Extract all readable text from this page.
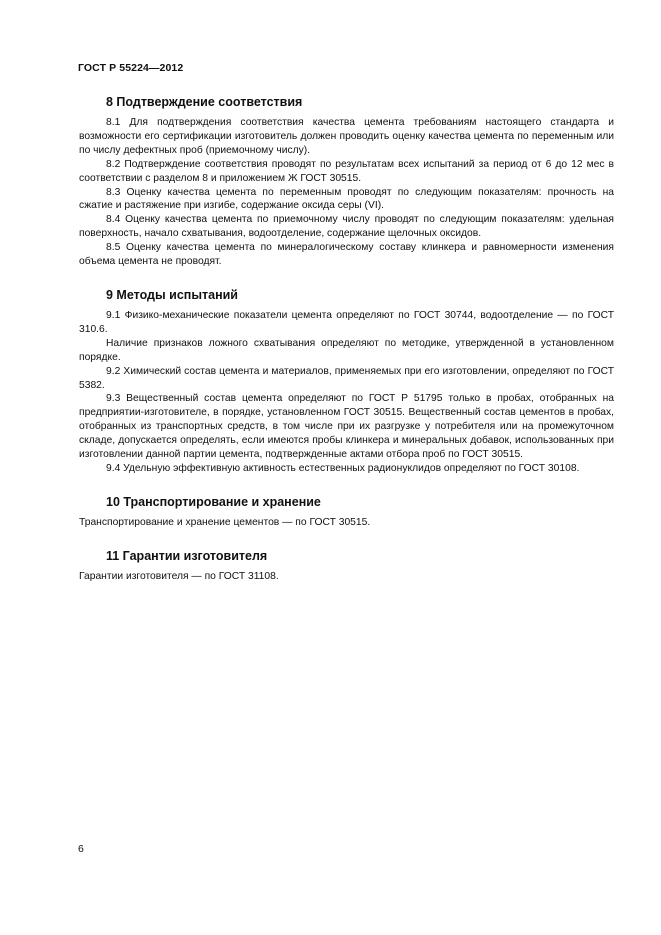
ГОСТ Р 55224—2012
8 Подтверждение соответствия

8.1 Для подтверждения соответствия качества цемента требованиям настоящего стандарта и возможности его сертификации изготовитель должен проводить оценку качества цемента по переменным или по числу дефектных проб (приемочному числу).

8.2 Подтверждение соответствия проводят по результатам всех испытаний за период от 6 до 12 мес в соответствии с разделом 8 и приложением Ж ГОСТ 30515.

8.3 Оценку качества цемента по переменным проводят по следующим показателям: прочность на сжатие и растяжение при изгибе, содержание оксида серы (VI).

8.4 Оценку качества цемента по приемочному числу проводят по следующим показателям: удельная поверхность, начало схватывания, водоотделение, содержание щелочных оксидов.

8.5 Оценку качества цемента по минералогическому составу клинкера и равномерности изменения объема цемента не проводят.

9 Методы испытаний

9.1 Физико-механические показатели цемента определяют по ГОСТ 30744, водоотделение — по ГОСТ 310.6.

Наличие признаков ложного схватывания определяют по методике, утвержденной в установленном порядке.

9.2 Химический состав цемента и материалов, применяемых при его изготовлении, определяют по ГОСТ 5382.

9.3 Вещественный состав цемента определяют по ГОСТ Р 51795 только в пробах, отобранных на предприятии-изготовителе, в порядке, установленном ГОСТ 30515. Вещественный состав цементов в пробах, отобранных из транспортных средств, в том числе при их разгрузке у потребителя или на промежуточном складе, допускается определять, если имеются пробы клинкера и минеральных добавок, использованных при изготовлении данной партии цемента, подтвержденные актами отбора проб по ГОСТ 30515.

9.4 Удельную эффективную активность естественных радионуклидов определяют по ГОСТ 30108.

10 Транспортирование и хранение

Транспортирование и хранение цементов — по ГОСТ 30515.

11 Гарантии изготовителя

Гарантии изготовителя — по ГОСТ 31108.

6
